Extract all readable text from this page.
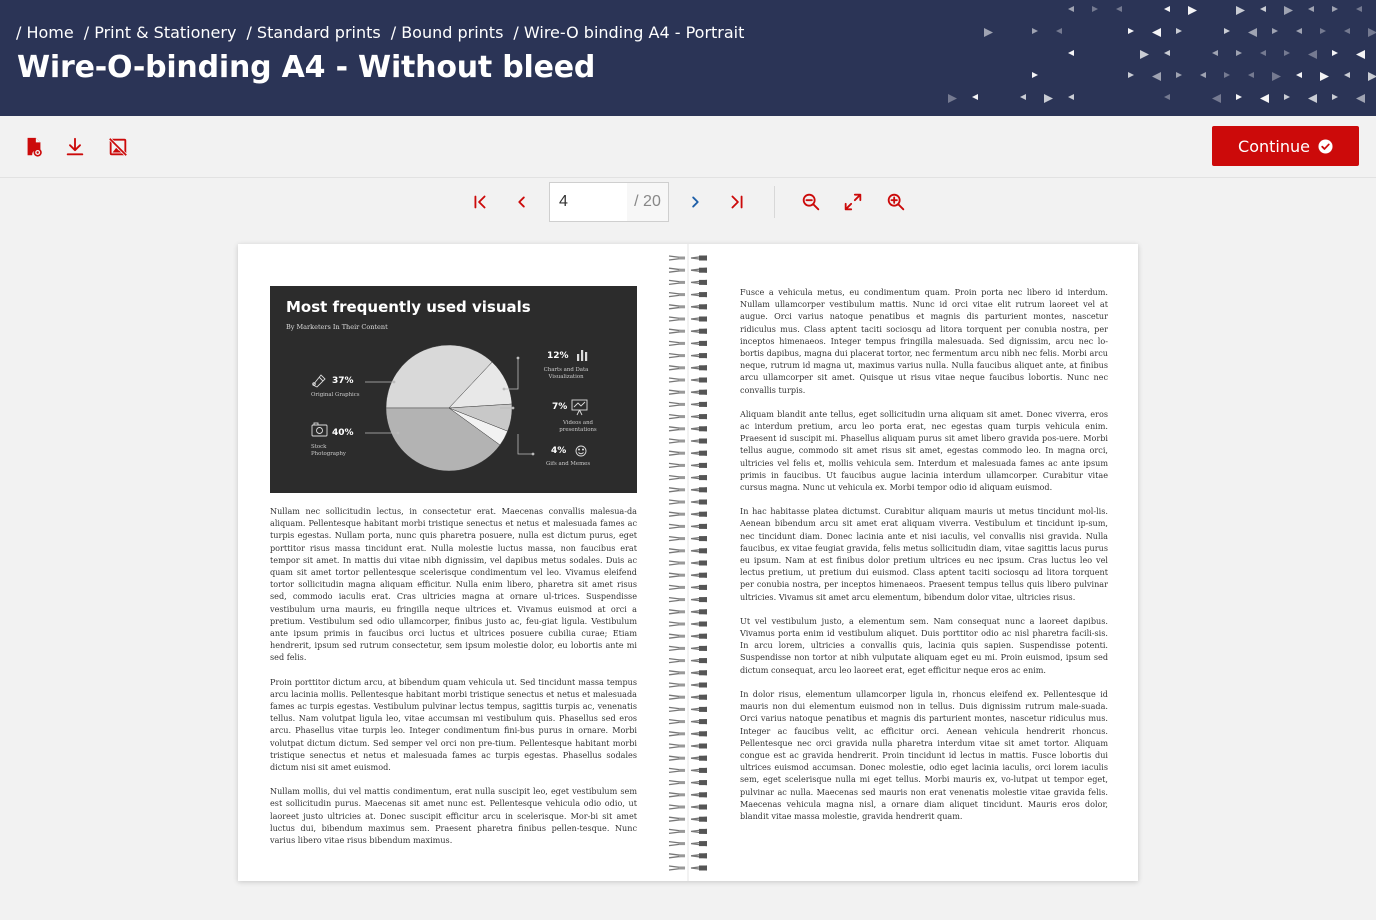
/ Home / Print & Stationery / Standard prints / Bound prints / Wire-O binding A4 - Portrait
Wire-O-binding A4 - Without bleed
Continue
4
/ 20
Most frequently used visuals
By Marketers In Their Content
37%
Original Graphics
40%
Stock Photography
12%
Charts and Data Visualization
7%
Videos and presentations
4%
Gifs and Memes

Nullam nec sollicitudin lectus, in consectetur erat. Maecenas convallis malesua-da aliquam. Pellentesque habitant morbi tristique senectus et netus et malesuada fames ac turpis egestas. Nullam porta, nunc quis pharetra posuere, nulla est dictum purus, eget porttitor risus massa tincidunt erat. Nulla molestie luctus massa, non faucibus erat tempor sit amet. In mattis dui vitae nibh dignissim, vel dapibus metus sodales. Duis ac quam sit amet tortor pellentesque scelerisque condimentum vel leo. Vivamus eleifend tortor sollicitudin magna aliquam efficitur. Nulla enim libero, pharetra sit amet risus sed, commodo iaculis erat. Cras ultricies magna at ornare ul-trices. Suspendisse vestibulum urna mauris, eu fringilla neque ultrices et. Vivamus euismod at orci a pretium. Vestibulum sed odio ullamcorper, finibus justo ac, feu-giat ligula. Vestibulum ante ipsum primis in faucibus orci luctus et ultrices posuere cubilia curae; Etiam hendrerit, ipsum sed rutrum consectetur, sem ipsum molestie dolor, eu lobortis ante mi sed felis.

Proin porttitor dictum arcu, at bibendum quam vehicula ut. Sed tincidunt massa tempus arcu lacinia mollis. Pellentesque habitant morbi tristique senectus et netus et malesuada fames ac turpis egestas. Vestibulum pulvinar lectus tempus, sagittis turpis ac, venenatis tellus. Nam volutpat ligula leo, vitae accumsan mi vestibulum quis. Phasellus sed eros arcu. Phasellus vitae turpis leo. Integer condimentum fini-bus purus in ornare. Morbi volutpat dictum dictum. Sed semper vel orci non pre-tium. Pellentesque habitant morbi tristique senectus et netus et malesuada fames ac turpis egestas. Phasellus sodales dictum nisi sit amet euismod.

Nullam mollis, dui vel mattis condimentum, erat nulla suscipit leo, eget vestibulum sem est sollicitudin purus. Maecenas sit amet nunc est. Pellentesque vehicula odio odio, ut laoreet justo ultricies at. Donec suscipit efficitur arcu in scelerisque. Mor-bi sit amet luctus dui, bibendum maximus sem. Praesent pharetra finibus pellen-tesque. Nunc varius libero vitae risus bibendum maximus.

Fusce a vehicula metus, eu condimentum quam. Proin porta nec libero id interdum. Nullam ullamcorper vestibulum mattis. Nunc id orci vitae elit rutrum laoreet vel at augue. Orci varius natoque penatibus et magnis dis parturient montes, nascetur ridiculus mus. Class aptent taciti sociosqu ad litora torquent per conubia nostra, per inceptos himenaeos. Integer tempus fringilla malesuada. Sed dignissim, arcu nec lo-bortis dapibus, magna dui placerat tortor, nec fermentum arcu nibh nec felis. Morbi arcu neque, rutrum id magna ut, maximus varius nulla. Nulla faucibus aliquet ante, at finibus arcu ullamcorper sit amet. Quisque ut risus vitae neque faucibus lobortis. Nunc nec convallis turpis.

Aliquam blandit ante tellus, eget sollicitudin urna aliquam sit amet. Donec viverra, eros ac interdum pretium, arcu leo porta erat, nec egestas quam turpis vehicula enim. Praesent id suscipit mi. Phasellus aliquam purus sit amet libero gravida pos-uere. Morbi tellus augue, commodo sit amet risus sit amet, egestas commodo leo. In magna orci, ultricies vel felis et, mollis vehicula sem. Interdum et malesuada fames ac ante ipsum primis in faucibus. Ut faucibus augue lacinia interdum ullamcorper. Curabitur vitae cursus magna. Nunc ut vehicula ex. Morbi tempor odio id aliquam euismod.

In hac habitasse platea dictumst. Curabitur aliquam mauris ut metus tincidunt mol-lis. Aenean bibendum arcu sit amet erat aliquam viverra. Vestibulum et tincidunt ip-sum, nec tincidunt diam. Donec lacinia ante et nisi iaculis, vel convallis nisi gravida. Nulla faucibus, ex vitae feugiat gravida, felis metus sollicitudin diam, vitae sagittis lacus purus eu ipsum. Nam at est finibus dolor pretium ultrices eu nec ipsum. Cras luctus leo vel lectus pretium, ut pretium dui euismod. Class aptent taciti sociosqu ad litora torquent per conubia nostra, per inceptos himenaeos. Praesent tempus tellus quis libero pulvinar ultricies. Vivamus sit amet arcu elementum, bibendum dolor vitae, ultricies risus.

Ut vel vestibulum justo, a elementum sem. Nam consequat nunc a laoreet dapibus. Vivamus porta enim id vestibulum aliquet. Duis porttitor odio ac nisl pharetra facili-sis. In arcu lorem, ultricies a convallis quis, lacinia quis sapien. Suspendisse potenti. Suspendisse non tortor at nibh vulputate aliquam eget eu mi. Proin euismod, ipsum sed dictum consequat, arcu leo laoreet erat, eget efficitur neque eros ac enim.

In dolor risus, elementum ullamcorper ligula in, rhoncus eleifend ex. Pellentesque id mauris non dui elementum euismod non in tellus. Duis dignissim rutrum male-suada. Orci varius natoque penatibus et magnis dis parturient montes, nascetur ridiculus mus. Integer ac faucibus velit, ac efficitur orci. Aenean vehicula hendrerit rhoncus. Pellentesque nec orci gravida nulla pharetra interdum vitae sit amet tortor. Aliquam congue est ac gravida hendrerit. Proin tincidunt id lectus in mattis. Fusce lobortis dui ultrices euismod accumsan. Donec molestie, odio eget lacinia iaculis, orci lorem iaculis sem, eget scelerisque nulla mi eget tellus. Morbi mauris ex, vo-lutpat ut tempor eget, pulvinar ac nulla. Maecenas sed mauris non erat venenatis molestie vitae gravida felis. Maecenas vehicula magna nisl, a ornare diam aliquet tincidunt. Mauris eros dolor, blandit vitae massa molestie, gravida hendrerit quam.
